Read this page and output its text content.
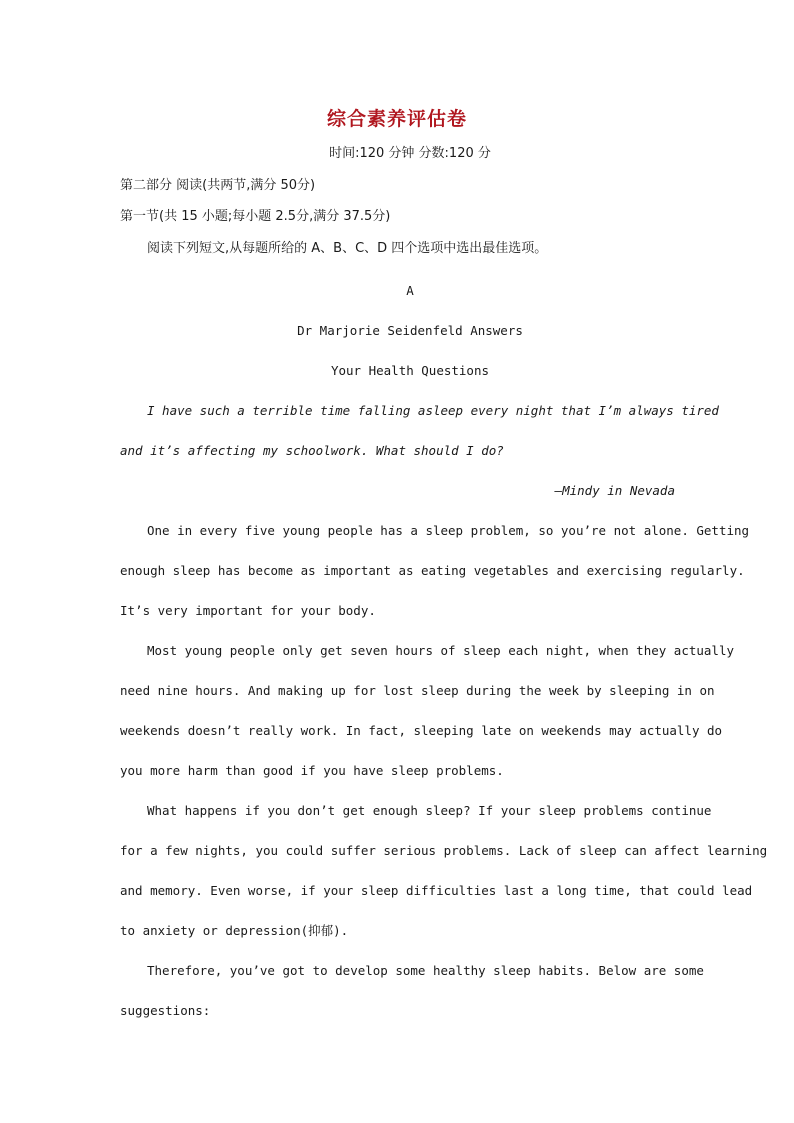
综合素养评估卷
时间:120 分钟 分数:120 分
第二部分 阅读(共两节,满分 50分)
第一节(共 15 小题;每小题 2.5分,满分 37.5分)
阅读下列短文,从每题所给的 A、B、C、D 四个选项中选出最佳选项。
A
Dr Marjorie Seidenfeld Answers
Your Health Questions
I have such a terrible time falling asleep every night that I’m always tired
and it’s affecting my schoolwork. What should I do?
—Mindy in Nevada
One in every five young people has a sleep problem, so you’re not alone. Getting
enough sleep has become as important as eating vegetables and exercising regularly.
It’s very important for your body.
Most young people only get seven hours of sleep each night, when they actually
need nine hours. And making up for lost sleep during the week by sleeping in on
weekends doesn’t really work. In fact, sleeping late on weekends may actually do
you more harm than good if you have sleep problems.
What happens if you don’t get enough sleep? If your sleep problems continue
for a few nights, you could suffer serious problems. Lack of sleep can affect learning
and memory. Even worse, if your sleep difficulties last a long time, that could lead
to anxiety or depression(抑郁).
Therefore, you’ve got to develop some healthy sleep habits. Below are some
suggestions:
